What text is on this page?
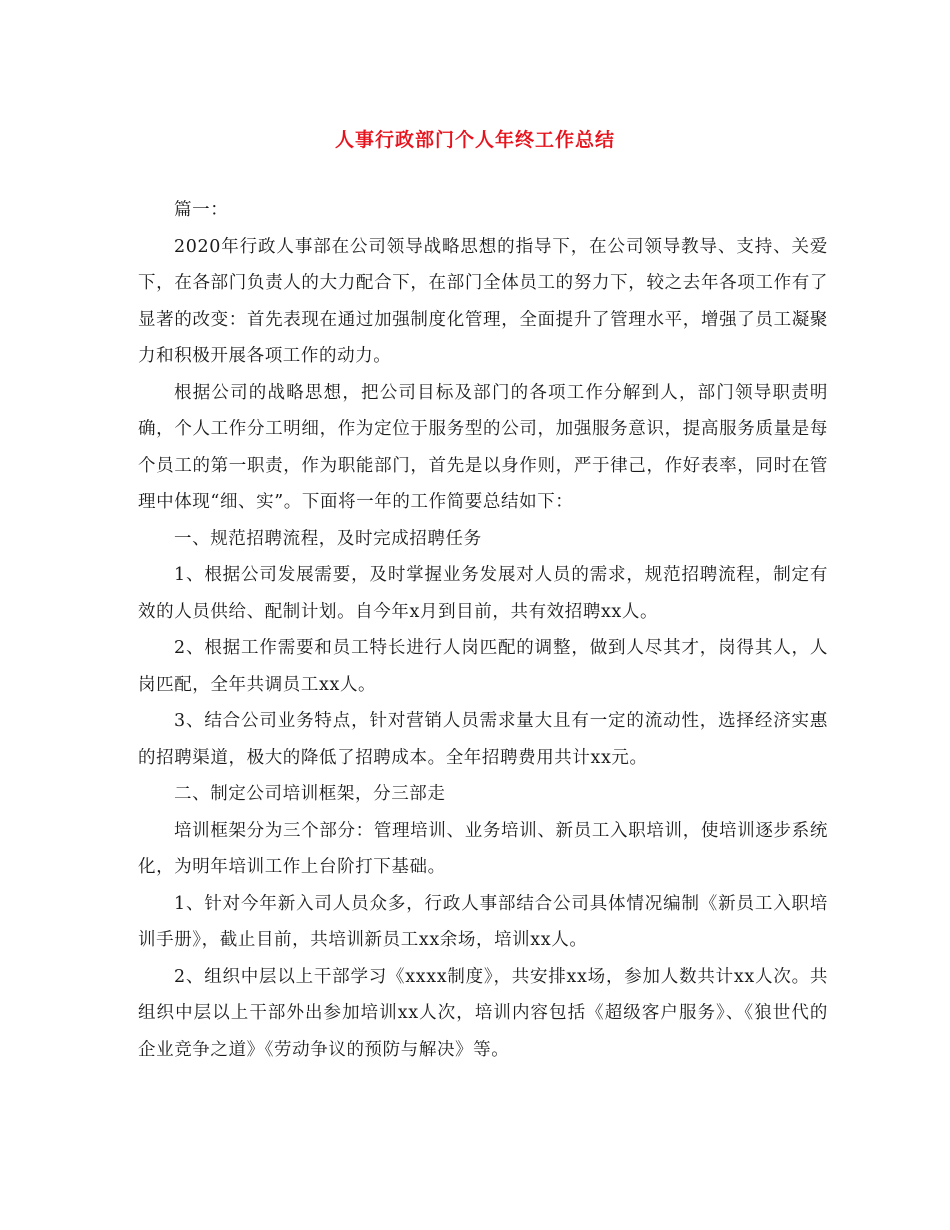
人事行政部门个人年终工作总结

篇一：

2020年行政人事部在公司领导战略思想的指导下，在公司领导教导、支持、关爱下，在各部门负责人的大力配合下，在部门全体员工的努力下，较之去年各项工作有了显著的改变：首先表现在通过加强制度化管理，全面提升了管理水平，增强了员工凝聚力和积极开展各项工作的动力。

根据公司的战略思想，把公司目标及部门的各项工作分解到人，部门领导职责明确，个人工作分工明细，作为定位于服务型的公司，加强服务意识，提高服务质量是每个员工的第一职责，作为职能部门，首先是以身作则，严于律己，作好表率，同时在管理中体现“细、实”。下面将一年的工作简要总结如下：

一、规范招聘流程，及时完成招聘任务

1、根据公司发展需要，及时掌握业务发展对人员的需求，规范招聘流程，制定有效的人员供给、配制计划。自今年x月到目前，共有效招聘xx人。

2、根据工作需要和员工特长进行人岗匹配的调整，做到人尽其才，岗得其人，人岗匹配，全年共调员工xx人。

3、结合公司业务特点，针对营销人员需求量大且有一定的流动性，选择经济实惠的招聘渠道，极大的降低了招聘成本。全年招聘费用共计xx元。

二、制定公司培训框架，分三部走

培训框架分为三个部分：管理培训、业务培训、新员工入职培训，使培训逐步系统化，为明年培训工作上台阶打下基础。

1、针对今年新入司人员众多，行政人事部结合公司具体情况编制《新员工入职培训手册》，截止目前，共培训新员工xx余场，培训xx人。

2、组织中层以上干部学习《xxxx制度》，共安排xx场，参加人数共计xx人次。共组织中层以上干部外出参加培训xx人次，培训内容包括《超级客户服务》、《狼世代的企业竞争之道》《劳动争议的预防与解决》等。
